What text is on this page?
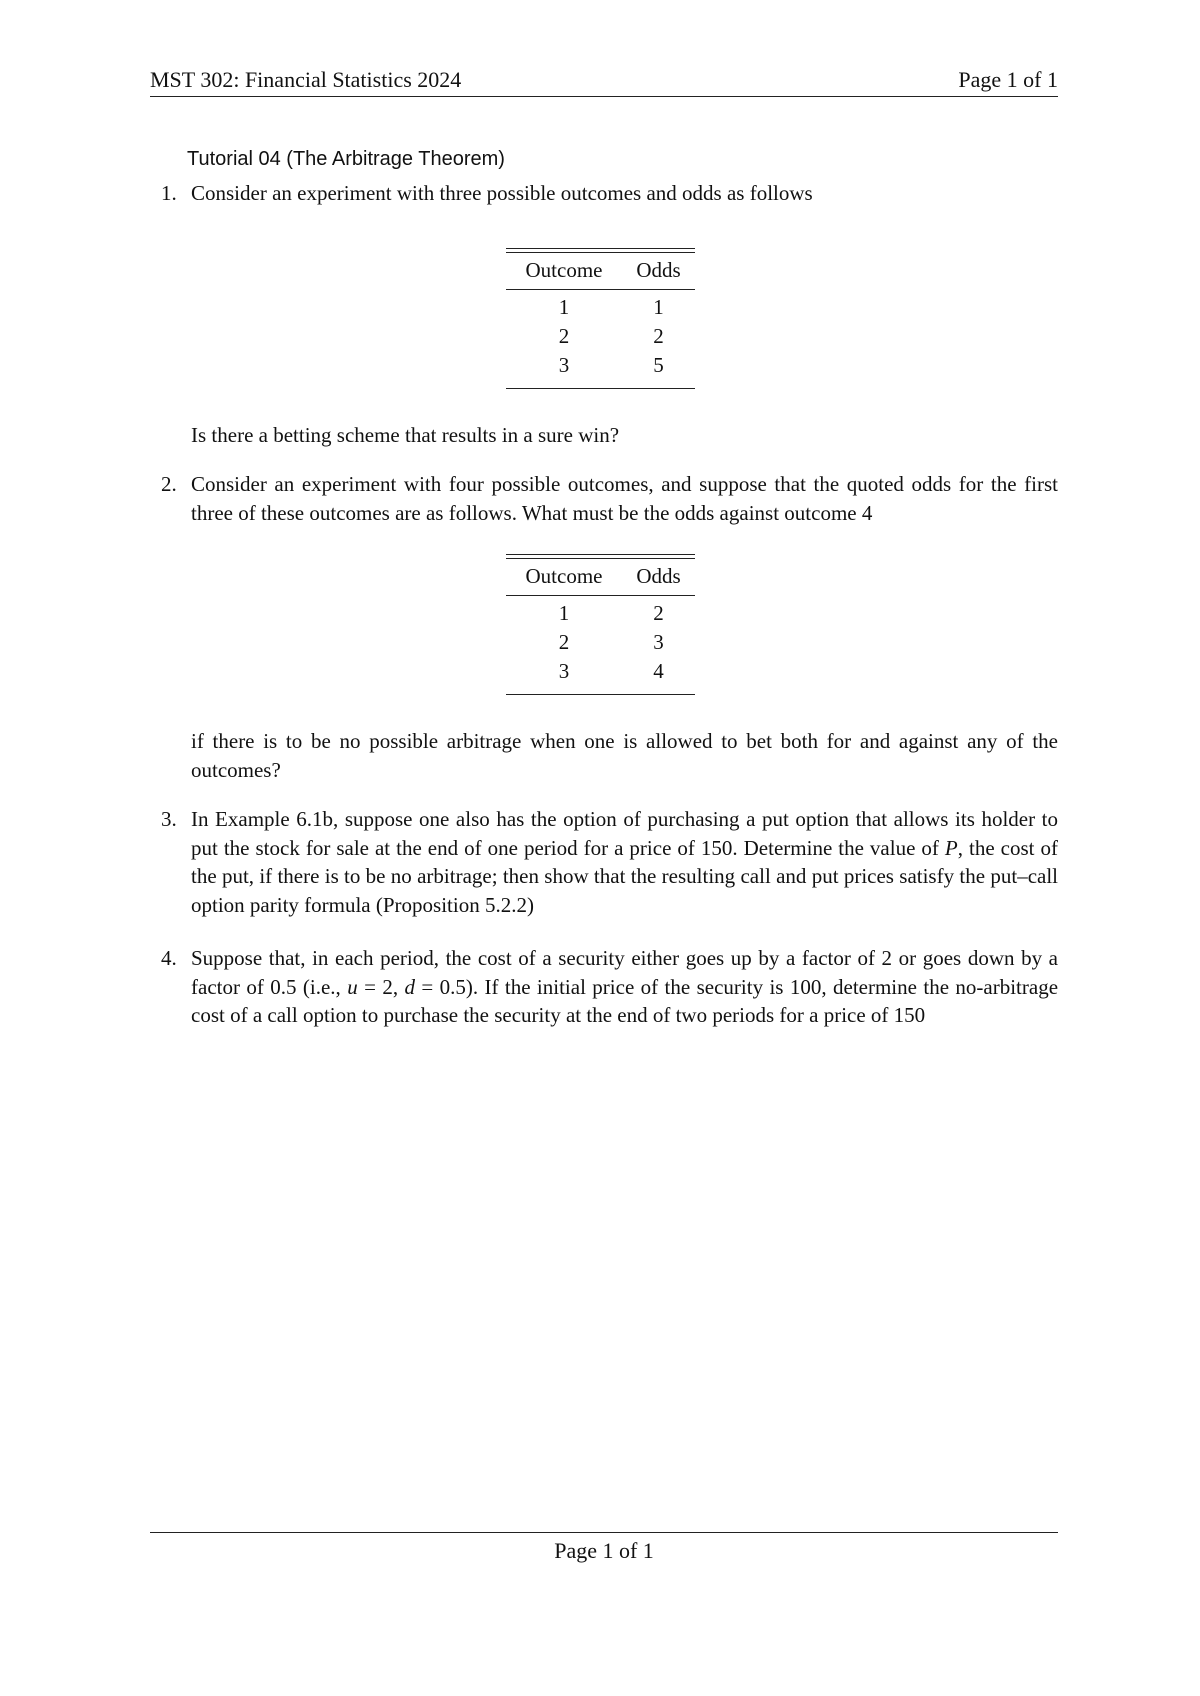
MST 302: Financial Statistics 2024	Page 1 of 1
Tutorial 04 (The Arbitrage Theorem)
1. Consider an experiment with three possible outcomes and odds as follows
Outcome	Odds
1	1
2	2
3	5
Is there a betting scheme that results in a sure win?
2. Consider an experiment with four possible outcomes, and suppose that the quoted odds for the first three of these outcomes are as follows. What must be the odds against outcome 4
Outcome	Odds
1	2
2	3
3	4
if there is to be no possible arbitrage when one is allowed to bet both for and against any of the outcomes?
3. In Example 6.1b, suppose one also has the option of purchasing a put option that allows its holder to put the stock for sale at the end of one period for a price of 150. Determine the value of P, the cost of the put, if there is to be no arbitrage; then show that the resulting call and put prices satisfy the put–call option parity formula (Proposition 5.2.2)
4. Suppose that, in each period, the cost of a security either goes up by a factor of 2 or goes down by a factor of 0.5 (i.e., u = 2, d = 0.5). If the initial price of the security is 100, determine the no-arbitrage cost of a call option to purchase the security at the end of two periods for a price of 150
Page 1 of 1
